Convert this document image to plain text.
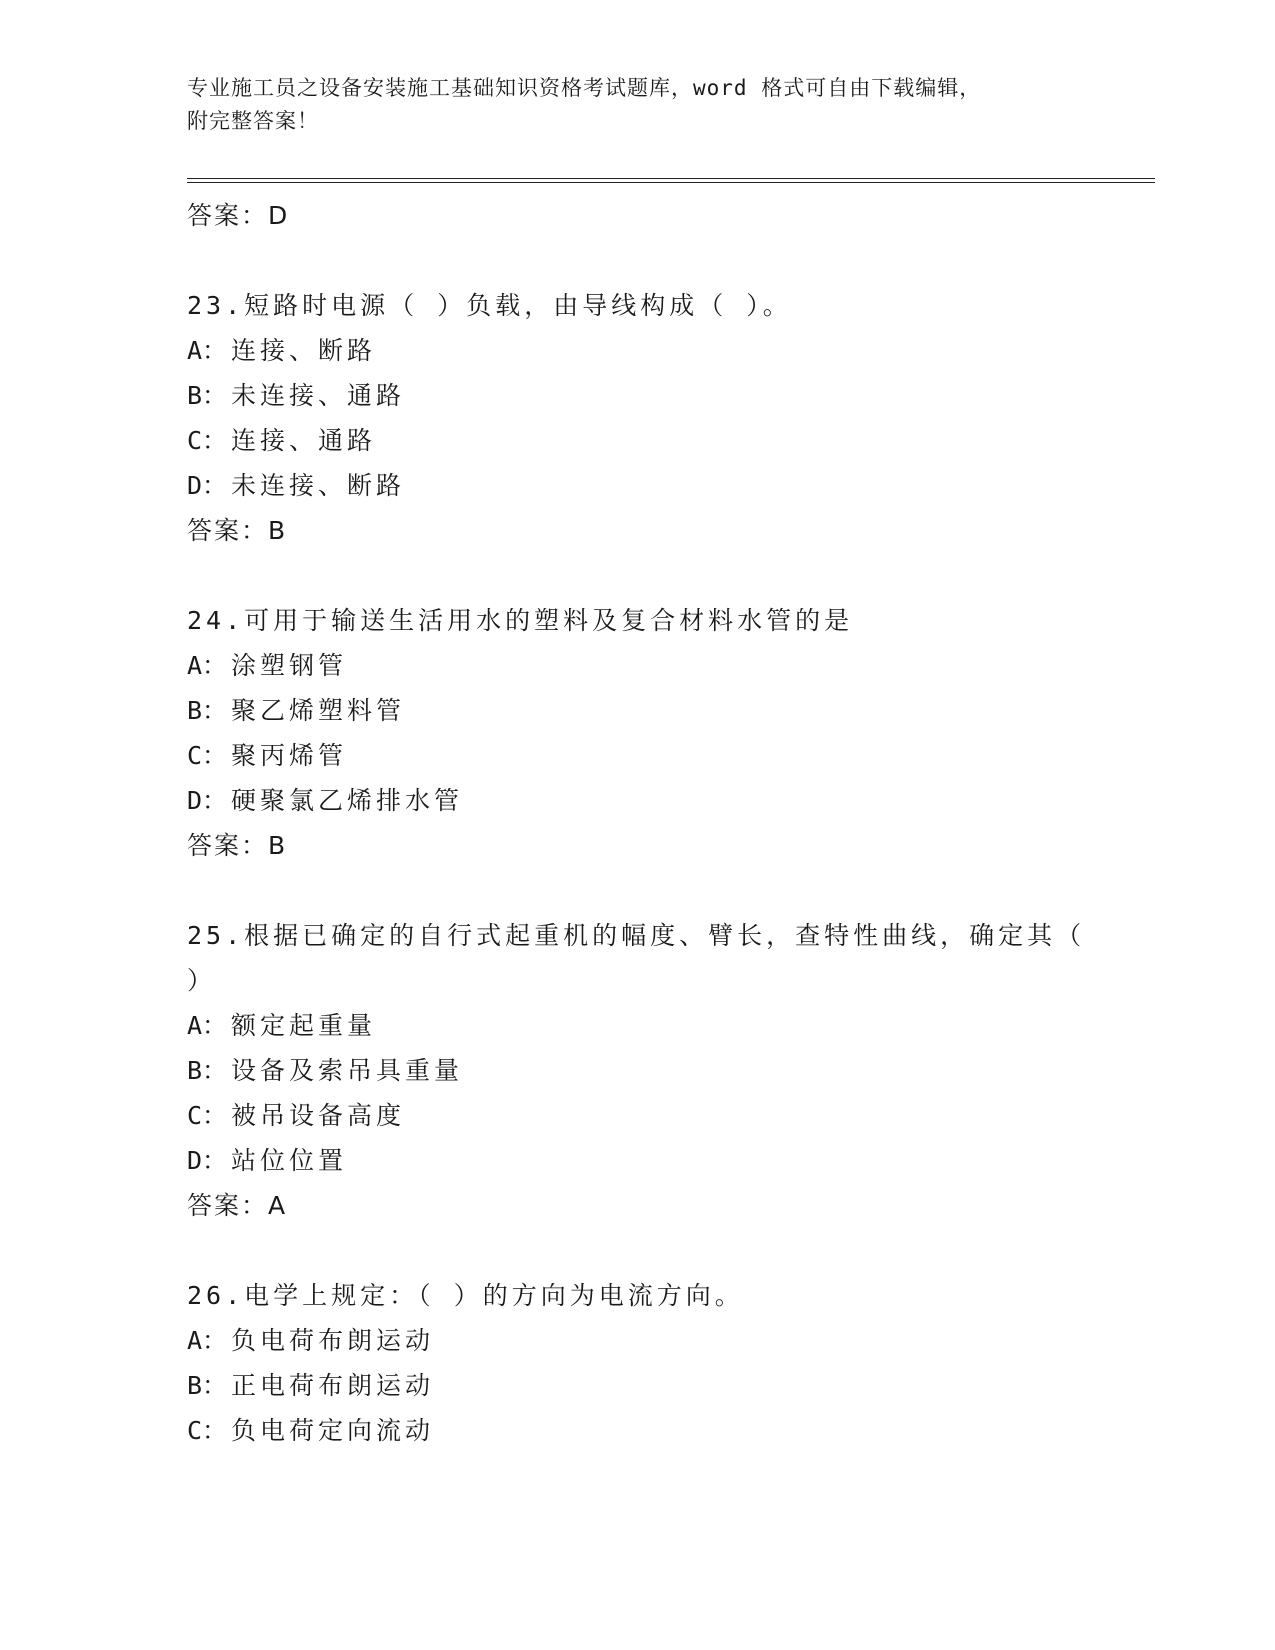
专业施工员之设备安装施工基础知识资格考试题库，word 格式可自由下载编辑，

附完整答案！

答案：D

23.短路时电源（ ）负载，由导线构成（ ）。

A： 连接、断路

B： 未连接、通路

C： 连接、通路

D： 未连接、断路

答案：B

24.可用于输送生活用水的塑料及复合材料水管的是

A： 涂塑钢管

B： 聚乙烯塑料管

C： 聚丙烯管

D： 硬聚氯乙烯排水管

答案：B

25.根据已确定的自行式起重机的幅度、臂长，查特性曲线，确定其（

）

A： 额定起重量

B： 设备及索吊具重量

C： 被吊设备高度

D： 站位位置

答案：A

26.电学上规定：（ ）的方向为电流方向。

A： 负电荷布朗运动

B： 正电荷布朗运动

C： 负电荷定向流动
